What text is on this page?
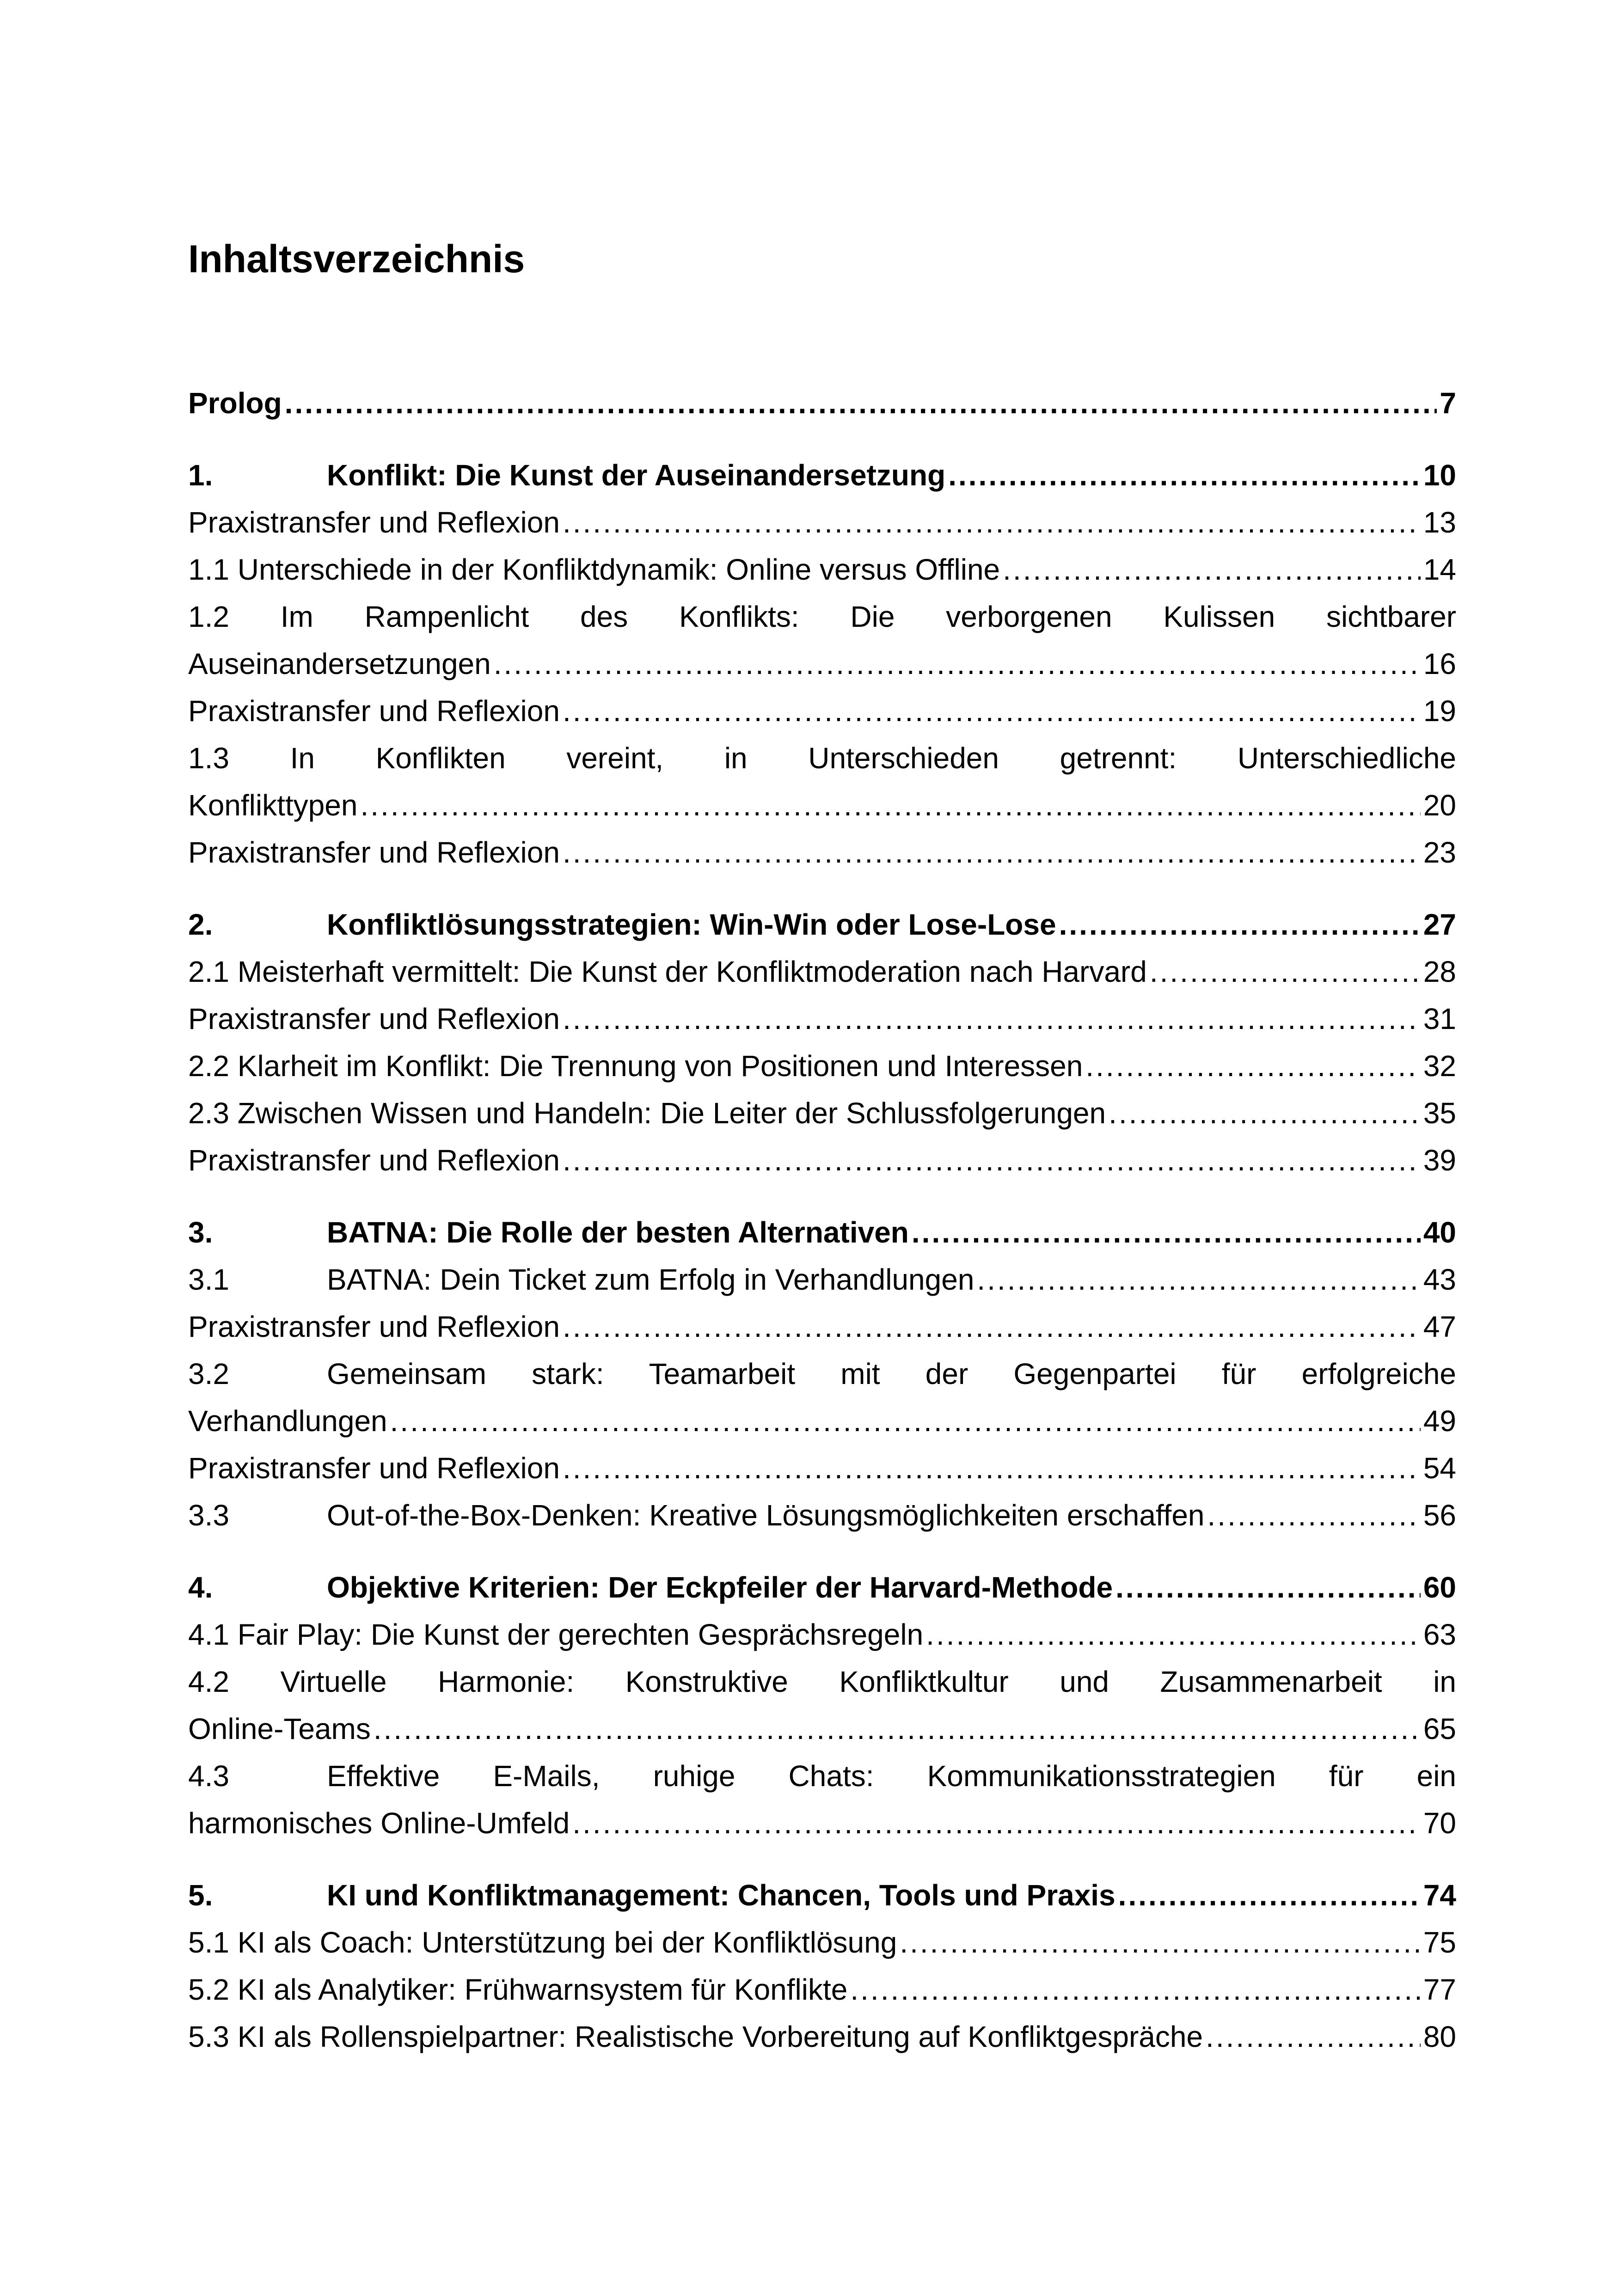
Inhaltsverzeichnis
Prolog .....	7
1.	Konflikt: Die Kunst der Auseinandersetzung .....	10
Praxistransfer und Reflexion .....	13
1.1 Unterschiede in der Konfliktdynamik: Online versus Offline .....	14
1.2 Im Rampenlicht des Konflikts: Die verborgenen Kulissen sichtbarer
Auseinandersetzungen .....	16
Praxistransfer und Reflexion .....	19
1.3 In Konflikten vereint, in Unterschieden getrennt: Unterschiedliche
Konflikttypen .....	20
Praxistransfer und Reflexion .....	23
2.	Konfliktlösungsstrategien: Win-Win oder Lose-Lose .....	27
2.1 Meisterhaft vermittelt: Die Kunst der Konfliktmoderation nach Harvard .....	28
Praxistransfer und Reflexion .....	31
2.2 Klarheit im Konflikt: Die Trennung von Positionen und Interessen .....	32
2.3 Zwischen Wissen und Handeln: Die Leiter der Schlussfolgerungen .....	35
Praxistransfer und Reflexion .....	39
3.	BATNA: Die Rolle der besten Alternativen .....	40
3.1	BATNA: Dein Ticket zum Erfolg in Verhandlungen .....	43
Praxistransfer und Reflexion .....	47
3.2	Gemeinsam stark: Teamarbeit mit der Gegenpartei für erfolgreiche
Verhandlungen .....	49
Praxistransfer und Reflexion .....	54
3.3	Out-of-the-Box-Denken: Kreative Lösungsmöglichkeiten erschaffen .....	56
4.	Objektive Kriterien: Der Eckpfeiler der Harvard-Methode .....	60
4.1 Fair Play: Die Kunst der gerechten Gesprächsregeln .....	63
4.2 Virtuelle Harmonie: Konstruktive Konfliktkultur und Zusammenarbeit in
Online-Teams .....	65
4.3	Effektive E-Mails, ruhige Chats: Kommunikationsstrategien für ein
harmonisches Online-Umfeld .....	70
5.	KI und Konfliktmanagement: Chancen, Tools und Praxis .....	74
5.1 KI als Coach: Unterstützung bei der Konfliktlösung .....	75
5.2 KI als Analytiker: Frühwarnsystem für Konflikte .....	77
5.3 KI als Rollenspielpartner: Realistische Vorbereitung auf Konfliktgespräche .....	80
